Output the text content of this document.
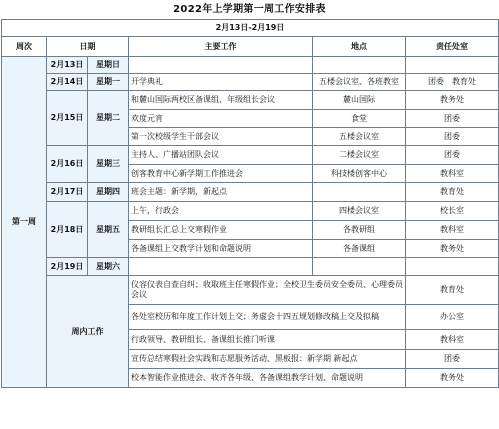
2022年上学期第一周工作安排表
2月13日-2月19日					
周次	日期		主要工作	地点	责任处室
第一周	2月13日	星期日			
	2月14日	星期一	开学典礼	五楼会议室、各班教室	团委　教育处
	2月15日	星期二	和麓山国际两校区备课组、年级组长会议	麓山国际	教务处
			欢度元宵	食堂	团委
			第一次校级学生干部会议	五楼会议室	团委
	2月16日	星期三	主持人、广播站团队会议	二楼会议室	团委
			创客教育中心新学期工作推进会	科技楼创客中心	教科室
	2月17日	星期四	班会主题：新学期，新起点		教育处
	2月18日	星期五	上午，行政会	四楼会议室	校长室
			教研组长汇总上交寒假作业	各教研组	教科室
			各备课组上交教学计划和命题说明	各备课组	教务处
	2月19日	星期六			
	周内工作		仪容仪表自查自纠；收取班主任寒假作业；全校卫生委员安全委员、心理委员会议		教育处
			各处室校历和年度工作计划上交；务虚会十四五规划修改稿上交及拟稿		办公室
			行政领导、教研组长、备课组长推门听课		教科室
			宣传总结寒假社会实践和志愿服务活动、黑板报：新学期 新起点		团委
			校本智能作业推进会、收齐各年级、各备课组教学计划、命题说明		教务处
